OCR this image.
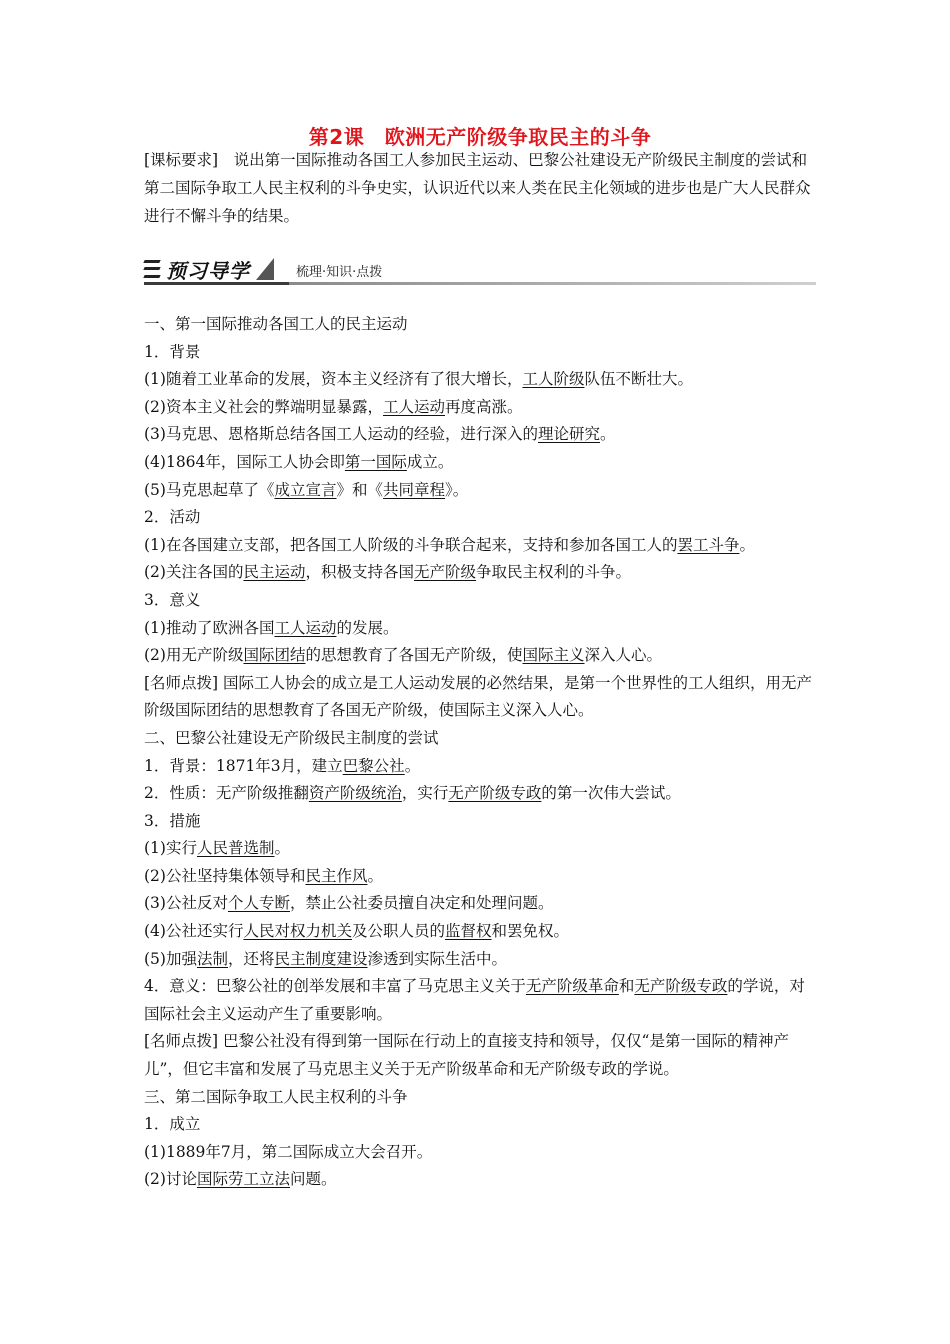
第2课　欧洲无产阶级争取民主的斗争
[课标要求]　说出第一国际推动各国工人参加民主运动、巴黎公社建设无产阶级民主制度的尝试和第二国际争取工人民主权利的斗争史实，认识近代以来人类在民主化领域的进步也是广大人民群众进行不懈斗争的结果。
预习导学	梳理·知识·点拨
一、第一国际推动各国工人的民主运动
1．背景
(1)随着工业革命的发展，资本主义经济有了很大增长，工人阶级队伍不断壮大。
(2)资本主义社会的弊端明显暴露，工人运动再度高涨。
(3)马克思、恩格斯总结各国工人运动的经验，进行深入的理论研究。
(4)1864年，国际工人协会即第一国际成立。
(5)马克思起草了《成立宣言》和《共同章程》。
2．活动
(1)在各国建立支部，把各国工人阶级的斗争联合起来，支持和参加各国工人的罢工斗争。
(2)关注各国的民主运动，积极支持各国无产阶级争取民主权利的斗争。
3．意义
(1)推动了欧洲各国工人运动的发展。
(2)用无产阶级国际团结的思想教育了各国无产阶级，使国际主义深入人心。
[名师点拨] 国际工人协会的成立是工人运动发展的必然结果，是第一个世界性的工人组织，用无产阶级国际团结的思想教育了各国无产阶级，使国际主义深入人心。
二、巴黎公社建设无产阶级民主制度的尝试
1．背景：1871年3月，建立巴黎公社。
2．性质：无产阶级推翻资产阶级统治，实行无产阶级专政的第一次伟大尝试。
3．措施
(1)实行人民普选制。
(2)公社坚持集体领导和民主作风。
(3)公社反对个人专断，禁止公社委员擅自决定和处理问题。
(4)公社还实行人民对权力机关及公职人员的监督权和罢免权。
(5)加强法制，还将民主制度建设渗透到实际生活中。
4．意义：巴黎公社的创举发展和丰富了马克思主义关于无产阶级革命和无产阶级专政的学说，对国际社会主义运动产生了重要影响。
[名师点拨] 巴黎公社没有得到第一国际在行动上的直接支持和领导，仅仅“是第一国际的精神产儿”，但它丰富和发展了马克思主义关于无产阶级革命和无产阶级专政的学说。
三、第二国际争取工人民主权利的斗争
1．成立
(1)1889年7月，第二国际成立大会召开。
(2)讨论国际劳工立法问题。
